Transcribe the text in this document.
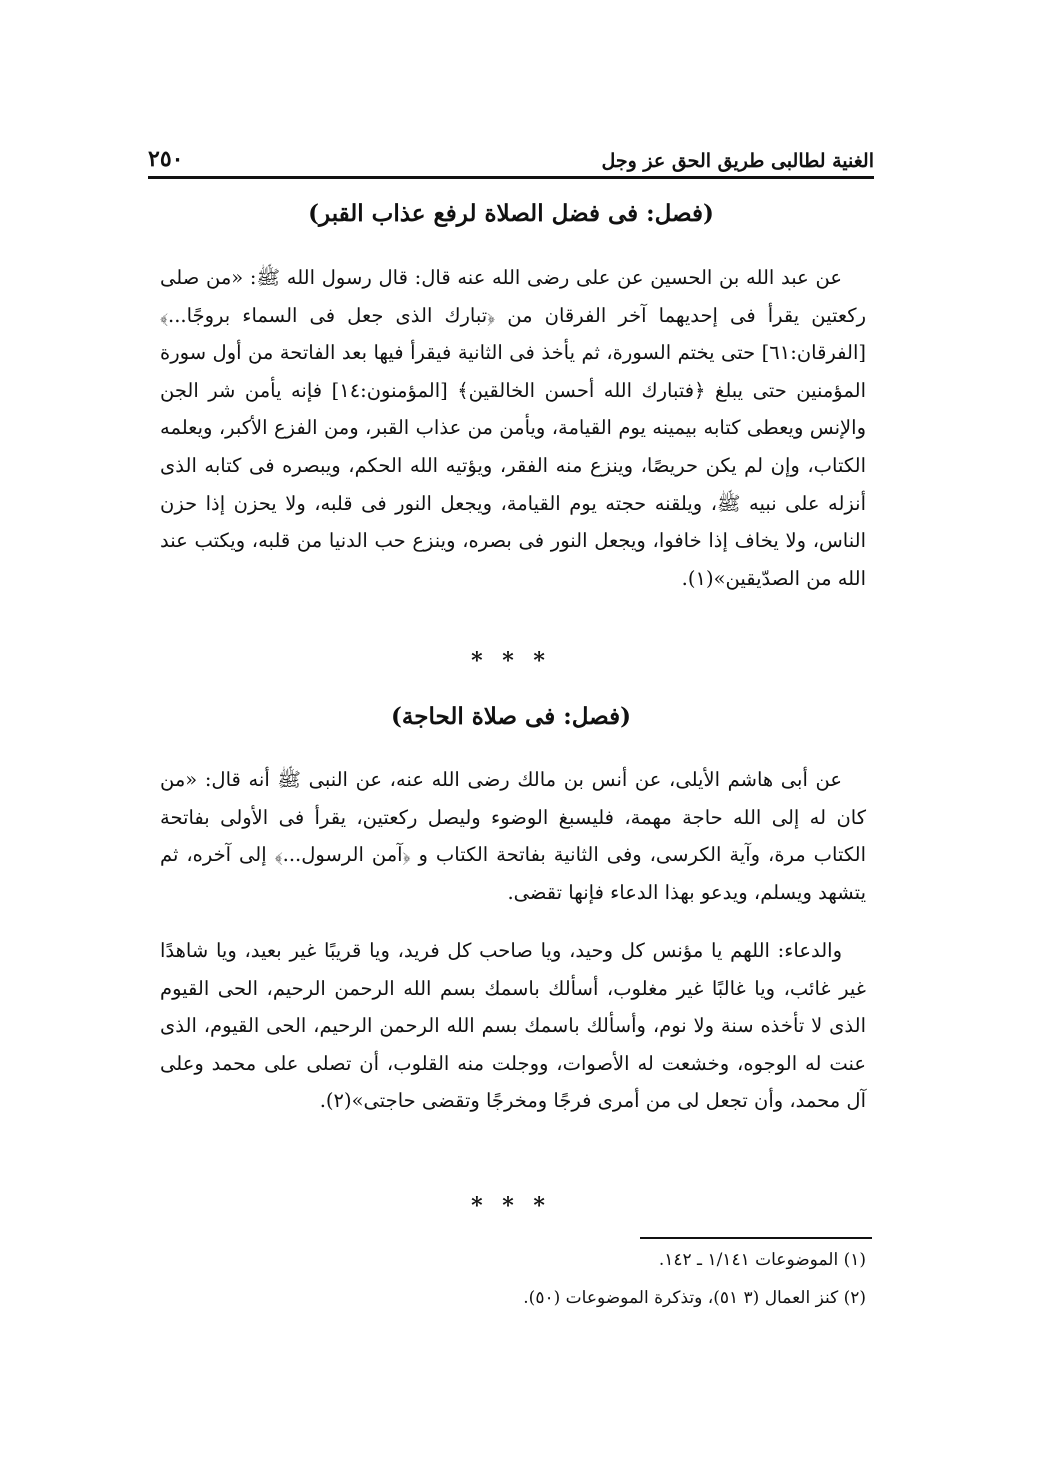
الغنية لطالبى طريق الحق عز وجل
٢٥٠
(فصل: فى فضل الصلاة لرفع عذاب القبر)

عن عبد الله بن الحسين عن على رضى الله عنه قال: قال رسول الله ﷺ: «من صلى ركعتين يقرأ فى إحديهما آخر الفرقان من ﴿تبارك الذى جعل فى السماء بروجًا...﴾ [الفرقان:٦١] حتى يختم السورة، ثم يأخذ فى الثانية فيقرأ فيها بعد الفاتحة من أول سورة المؤمنين حتى يبلغ ﴿فتبارك الله أحسن الخالقين﴾ [المؤمنون:١٤] فإنه يأمن شر الجن والإنس ويعطى كتابه بيمينه يوم القيامة، ويأمن من عذاب القبر، ومن الفزع الأكبر، ويعلمه الكتاب، وإن لم يكن حريصًا، وينزع منه الفقر، ويؤتيه الله الحكم، ويبصره فى كتابه الذى أنزله على نبيه ﷺ، ويلقنه حجته يوم القيامة، ويجعل النور فى قلبه، ولا يحزن إذا حزن الناس، ولا يخاف إذا خافوا، ويجعل النور فى بصره، وينزع حب الدنيا من قلبه، ويكتب عند الله من الصدّيقين»(١).

* * *
(فصل: فى صلاة الحاجة)

عن أبى هاشم الأيلى، عن أنس بن مالك رضى الله عنه، عن النبى ﷺ أنه قال: «من كان له إلى الله حاجة مهمة، فليسبغ الوضوء وليصل ركعتين، يقرأ فى الأولى بفاتحة الكتاب مرة، وآية الكرسى، وفى الثانية بفاتحة الكتاب و ﴿آمن الرسول...﴾ إلى آخره، ثم يتشهد ويسلم، ويدعو بهذا الدعاء فإنها تقضى.

والدعاء: اللهم يا مؤنس كل وحيد، ويا صاحب كل فريد، ويا قريبًا غير بعيد، ويا شاهدًا غير غائب، ويا غالبًا غير مغلوب، أسألك باسمك بسم الله الرحمن الرحيم، الحى القيوم الذى لا تأخذه سنة ولا نوم، وأسألك باسمك بسم الله الرحمن الرحيم، الحى القيوم، الذى عنت له الوجوه، وخشعت له الأصوات، ووجلت منه القلوب، أن تصلى على محمد وعلى آل محمد، وأن تجعل لى من أمرى فرجًا ومخرجًا وتقضى حاجتى»(٢).

* * *
(١) الموضوعات ١/١٤١ ـ ١٤٢.
(٢) كنز العمال (٣ ٥١)، وتذكرة الموضوعات (٥٠).
